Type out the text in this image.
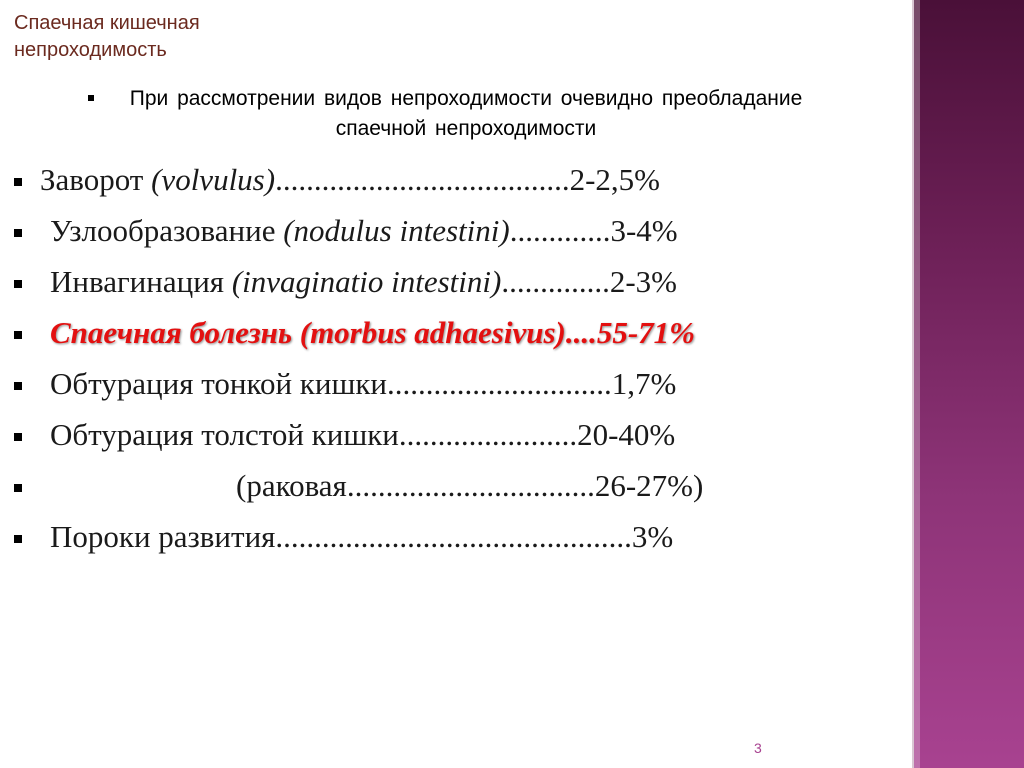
Спаечная кишечная непроходимость
При рассмотрении видов непроходимости очевидно преобладание спаечной непроходимости
Заворот (volvulus)......................................2-2,5%
Узлообразование (nodulus intestini).............3-4%
Инвагинация (invaginatio intestini)..............2-3%
Спаечная болезнь (morbus adhaesivus)....55-71%
Обтурация тонкой кишки.............................1,7%
Обтурация толстой кишки.......................20-40%
(раковая................................26-27%)
Пороки развития..............................................3%
3
